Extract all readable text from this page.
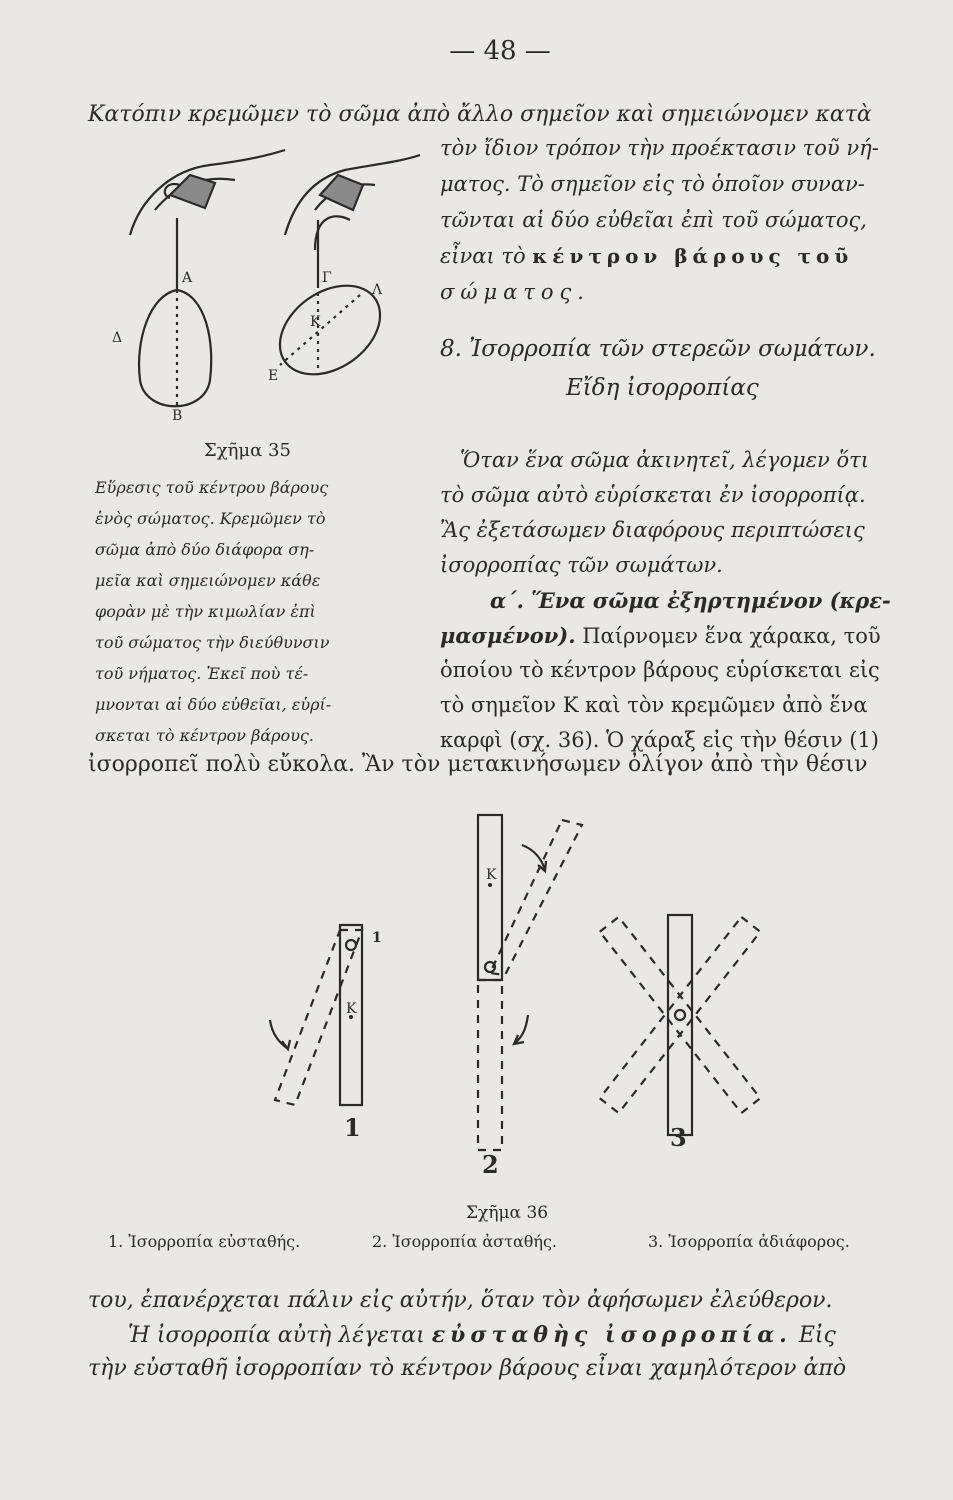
— 48 —
Κατόπιν κρεμῶμεν τὸ σῶμα ἀπὸ ἄλλο σημεῖον καὶ σημειώνομεν κατὰ
τὸν ἴδιον τρόπον τὴν προέκτασιν τοῦ νή-
ματος. Τὸ σημεῖον εἰς τὸ ὁποῖον συναν-
τῶνται αἱ δύο εὐθεῖαι ἐπὶ τοῦ σώματος,
εἶναι τὸ κέντρον βάρους τοῦ
σώματος.
8. Ἰσορροπία τῶν στερεῶν σωμάτων.
Εἴδη ἰσορροπίας
Α
Β
Δ
Γ
Λ
Ε
Κ
Σχῆμα 35
Εὕρεσις τοῦ κέντρου βάρους
ἑνὸς σώματος. Κρεμῶμεν τὸ
σῶμα ἀπὸ δύο διάφορα ση-
μεῖα καὶ σημειώνομεν κάθε
φορὰν μὲ τὴν κιμωλίαν ἐπὶ
τοῦ σώματος τὴν διεύθυνσιν
τοῦ νήματος. Ἐκεῖ ποὺ τέ-
μνονται αἱ δύο εὐθεῖαι, εὑρί-
σκεται τὸ κέντρον βάρους.
Ὅταν ἕνα σῶμα ἀκινητεῖ, λέγομεν ὅτι
τὸ σῶμα αὐτὸ εὑρίσκεται ἐν ἰσορροπίᾳ.
Ἂς ἐξετάσωμεν διαφόρους περιπτώσεις
ἰσορροπίας τῶν σωμάτων.
α΄. Ἕνα σῶμα ἐξηρτημένον (κρε-
μασμένον). Παίρνομεν ἕνα χάρακα, τοῦ
ὁποίου τὸ κέντρον βάρους εὑρίσκεται εἰς
τὸ σημεῖον Κ καὶ τὸν κρεμῶμεν ἀπὸ ἕνα
καρφὶ (σχ. 36). Ὁ χάραξ εἰς τὴν θέσιν (1)
ἰσορροπεῖ πολὺ εὔκολα. Ἂν τὸν μετακινήσωμεν ὀλίγον ἀπὸ τὴν θέσιν
1
Κ
Κ
1
2
3
Σχῆμα 36
1. Ἰσορροπία εὐσταθής.	2. Ἰσορροπία ἀσταθής.	3. Ἰσορροπία ἀδιάφορος.
του, ἐπανέρχεται πάλιν εἰς αὐτήν, ὅταν τὸν ἀφήσωμεν ἐλεύθερον.
Ἡ ἰσορροπία αὐτὴ λέγεται εὐσταθὴς ἰσορροπία. Εἰς
τὴν εὐσταθῆ ἰσορροπίαν τὸ κέντρον βάρους εἶναι χαμηλότερον ἀπὸ
